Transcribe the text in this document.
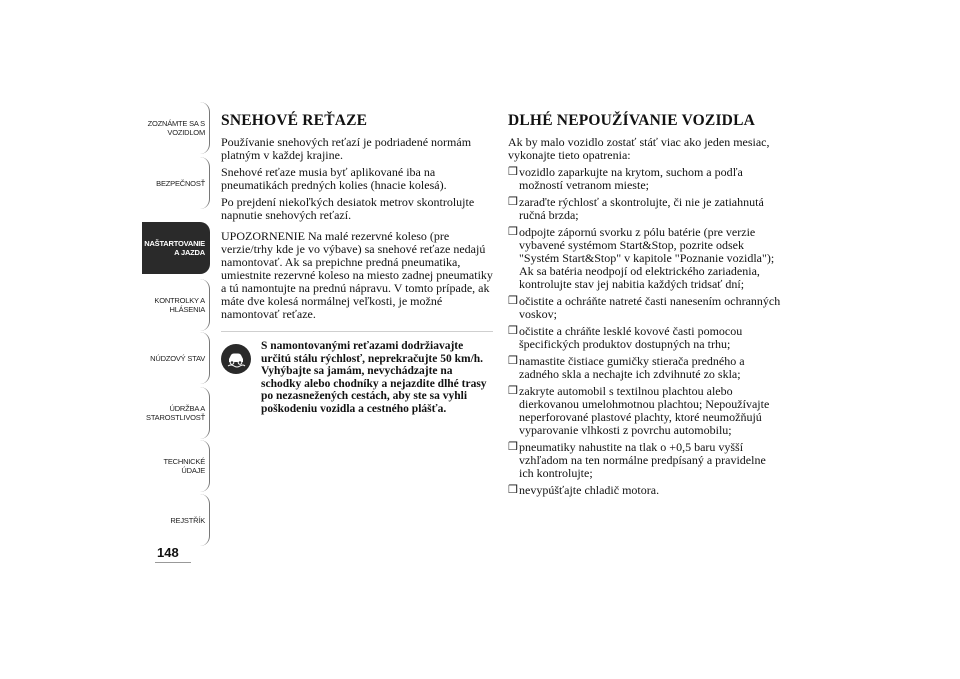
ZOZNÁMTE SA S
VOZIDLOM
BEZPEČNOSŤ
NAŠTARTOVANIE
A JAZDA
KONTROLKY A
HLÁSENIA
NÚDZOVÝ STAV
ÚDRŽBA A
STAROSTLIVOSŤ
TECHNICKÉ
ÚDAJE
REJSTŘÍK
148
SNEHOVÉ REŤAZE

Používanie snehových reťazí je podriadené normám platným v každej krajine.

Snehové reťaze musia byť aplikované iba na pneumatikách predných kolies (hnacie kolesá).

Po prejdení niekoľkých desiatok metrov skontrolujte napnutie snehových reťazí.

UPOZORNENIE Na malé rezervné koleso (pre verzie/trhy kde je vo výbave) sa snehové reťaze nedajú namontovať. Ak sa prepichne predná pneumatika, umiestnite rezervné koleso na miesto zadnej pneumatiky a tú namontujte na prednú nápravu. V tomto prípade, ak máte dve kolesá normálnej veľkosti, je možné namontovať reťaze.

S namontovanými reťazami dodržiavajte určitú stálu rýchlosť, neprekračujte 50 km/h. Vyhýbajte sa jamám, nevychádzajte na schodky alebo chodníky a nejazdite dlhé trasy po nezasnežených cestách, aby ste sa vyhli poškodeniu vozidla a cestného plášťa.
DLHÉ NEPOUŽÍVANIE VOZIDLA

Ak by malo vozidlo zostať stáť viac ako jeden mesiac, vykonajte tieto opatrenia:

❒ vozidlo zaparkujte na krytom, suchom a podľa možností vetranom mieste;
❒ zaraďte rýchlosť a skontrolujte, či nie je zatiahnutá ručná brzda;
❒ odpojte zápornú svorku z pólu batérie (pre verzie vybavené systémom Start&Stop, pozrite odsek "Systém Start&Stop" v kapitole "Poznanie vozidla"); Ak sa batéria neodpojí od elektrického zariadenia, kontrolujte stav jej nabitia každých tridsať dní;
❒ očistite a ochráňte natreté časti nanesením ochranných voskov;
❒ očistite a chráňte lesklé kovové časti pomocou špecifických produktov dostupných na trhu;
❒ namastite čistiace gumičky stierača predného a zadného skla a nechajte ich zdvihnuté zo skla;
❒ zakryte automobil s textilnou plachtou alebo dierkovanou umelohmotnou plachtou; Nepoužívajte neperforované plastové plachty, ktoré neumožňujú vyparovanie vlhkosti z povrchu automobilu;
❒ pneumatiky nahustite na tlak o +0,5 baru vyšší vzhľadom na ten normálne predpísaný a pravidelne ich kontrolujte;
❒ nevypúšťajte chladič motora.
